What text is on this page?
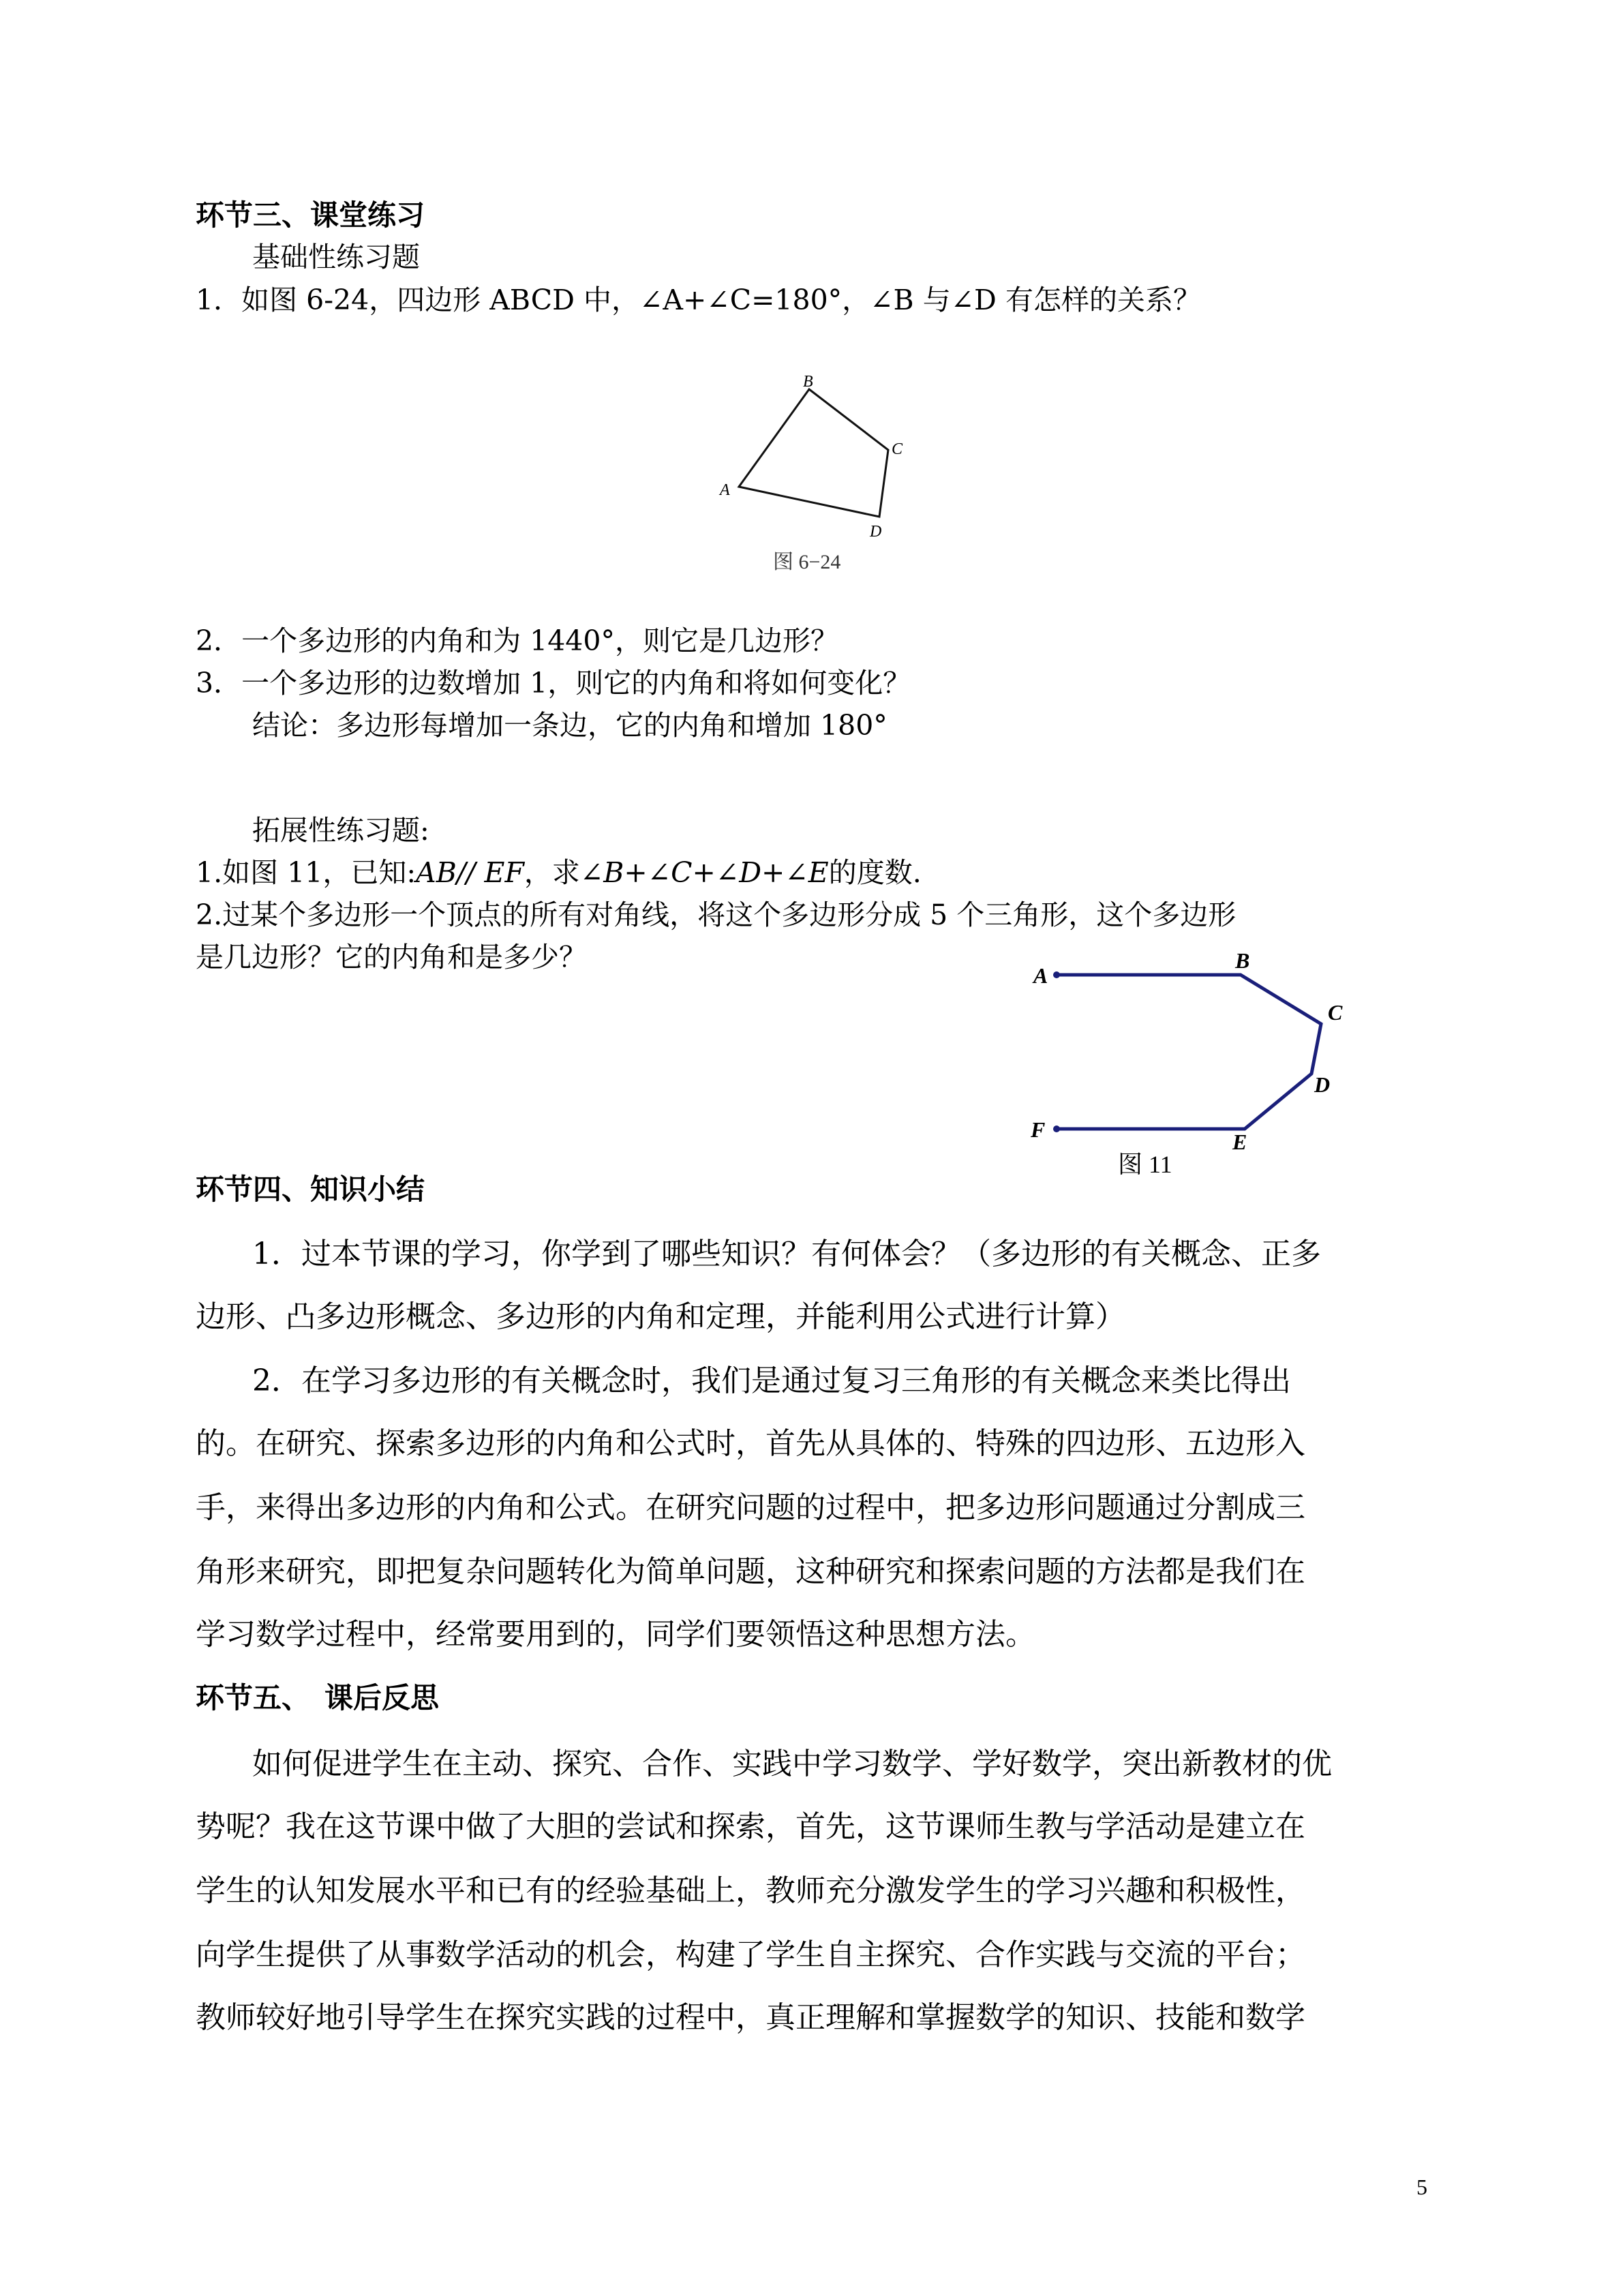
环节三、课堂练习
基础性练习题
1．如图 6-24，四边形 ABCD 中，∠A+∠C=180°，∠B 与∠D 有怎样的关系？
B
C
A
D
图 6−24
2．一个多边形的内角和为 1440°，则它是几边形？
3．一个多边形的边数增加 1，则它的内角和将如何变化？
结论：多边形每增加一条边，它的内角和增加 180°
拓展性练习题:
1.如图 11，已知:AB// EF，求∠B+∠C+∠D+∠E的度数.
2.过某个多边形一个顶点的所有对角线，将这个多边形分成 5 个三角形，这个多边形
是几边形？它的内角和是多少？
A
B
C
D
E
F
图 11
环节四、知识小结
1．过本节课的学习，你学到了哪些知识？有何体会？（多边形的有关概念、正多
边形、凸多边形概念、多边形的内角和定理，并能利用公式进行计算）
2．在学习多边形的有关概念时，我们是通过复习三角形的有关概念来类比得出
的。在研究、探索多边形的内角和公式时，首先从具体的、特殊的四边形、五边形入
手，来得出多边形的内角和公式。在研究问题的过程中，把多边形问题通过分割成三
角形来研究，即把复杂问题转化为简单问题，这种研究和探索问题的方法都是我们在
学习数学过程中，经常要用到的，同学们要领悟这种思想方法。
环节五、　课后反思
如何促进学生在主动、探究、合作、实践中学习数学、学好数学，突出新教材的优
势呢？我在这节课中做了大胆的尝试和探索，首先，这节课师生教与学活动是建立在
学生的认知发展水平和已有的经验基础上，教师充分激发学生的学习兴趣和积极性，
向学生提供了从事数学活动的机会，构建了学生自主探究、合作实践与交流的平台；
教师较好地引导学生在探究实践的过程中，真正理解和掌握数学的知识、技能和数学
5
